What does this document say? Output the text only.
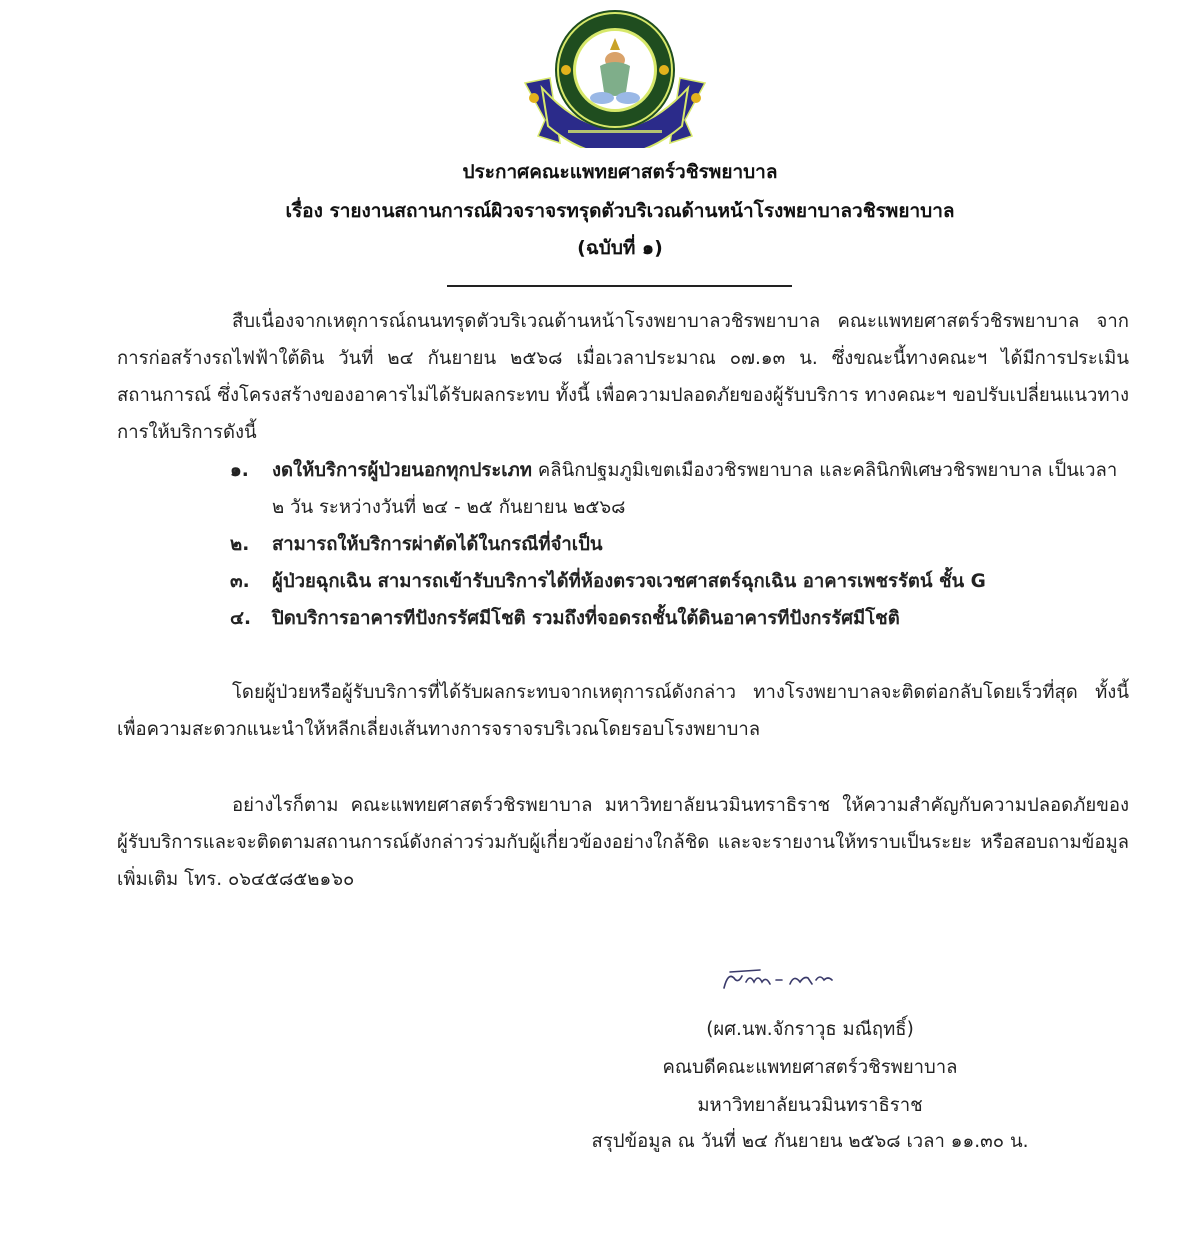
ประกาศคณะแพทยศาสตร์วชิรพยาบาล
เรื่อง รายงานสถานการณ์ผิวจราจรทรุดตัวบริเวณด้านหน้าโรงพยาบาลวชิรพยาบาล
(ฉบับที่ ๑)
สืบเนื่องจากเหตุการณ์ถนนทรุดตัวบริเวณด้านหน้าโรงพยาบาลวชิรพยาบาล คณะแพทยศาสตร์วชิรพยาบาล จากการก่อสร้างรถไฟฟ้าใต้ดิน วันที่ ๒๔ กันยายน ๒๕๖๘ เมื่อเวลาประมาณ ๐๗.๑๓ น. ซึ่งขณะนี้ทางคณะฯ ได้มีการประเมินสถานการณ์ ซึ่งโครงสร้างของอาคารไม่ได้รับผลกระทบ ทั้งนี้ เพื่อความปลอดภัยของผู้รับบริการ ทางคณะฯ ขอปรับเปลี่ยนแนวทางการให้บริการดังนี้
๑.	งดให้บริการผู้ป่วยนอกทุกประเภท คลินิกปฐมภูมิเขตเมืองวชิรพยาบาล และคลินิกพิเศษวชิรพยาบาล เป็นเวลา ๒ วัน ระหว่างวันที่ ๒๔ - ๒๕ กันยายน ๒๕๖๘
๒.	สามารถให้บริการผ่าตัดได้ในกรณีที่จำเป็น
๓.	ผู้ป่วยฉุกเฉิน สามารถเข้ารับบริการได้ที่ห้องตรวจเวชศาสตร์ฉุกเฉิน อาคารเพชรรัตน์ ชั้น G
๔.	ปิดบริการอาคารทีปังกรรัศมีโชติ รวมถึงที่จอดรถชั้นใต้ดินอาคารทีปังกรรัศมีโชติ
โดยผู้ป่วยหรือผู้รับบริการที่ได้รับผลกระทบจากเหตุการณ์ดังกล่าว ทางโรงพยาบาลจะติดต่อกลับโดยเร็วที่สุด ทั้งนี้ เพื่อความสะดวกแนะนำให้หลีกเลี่ยงเส้นทางการจราจรบริเวณโดยรอบโรงพยาบาล
อย่างไรก็ตาม คณะแพทยศาสตร์วชิรพยาบาล มหาวิทยาลัยนวมินทราธิราช ให้ความสำคัญกับความปลอดภัยของผู้รับบริการและจะติดตามสถานการณ์ดังกล่าวร่วมกับผู้เกี่ยวข้องอย่างใกล้ชิด และจะรายงานให้ทราบเป็นระยะ หรือสอบถามข้อมูลเพิ่มเติม โทร. ๐๖๔๕๘๕๒๑๖๐
(ผศ.นพ.จักราวุธ มณีฤทธิ์)
คณบดีคณะแพทยศาสตร์วชิรพยาบาล
มหาวิทยาลัยนวมินทราธิราช
สรุปข้อมูล ณ วันที่ ๒๔ กันยายน ๒๕๖๘ เวลา ๑๑.๓๐ น.
